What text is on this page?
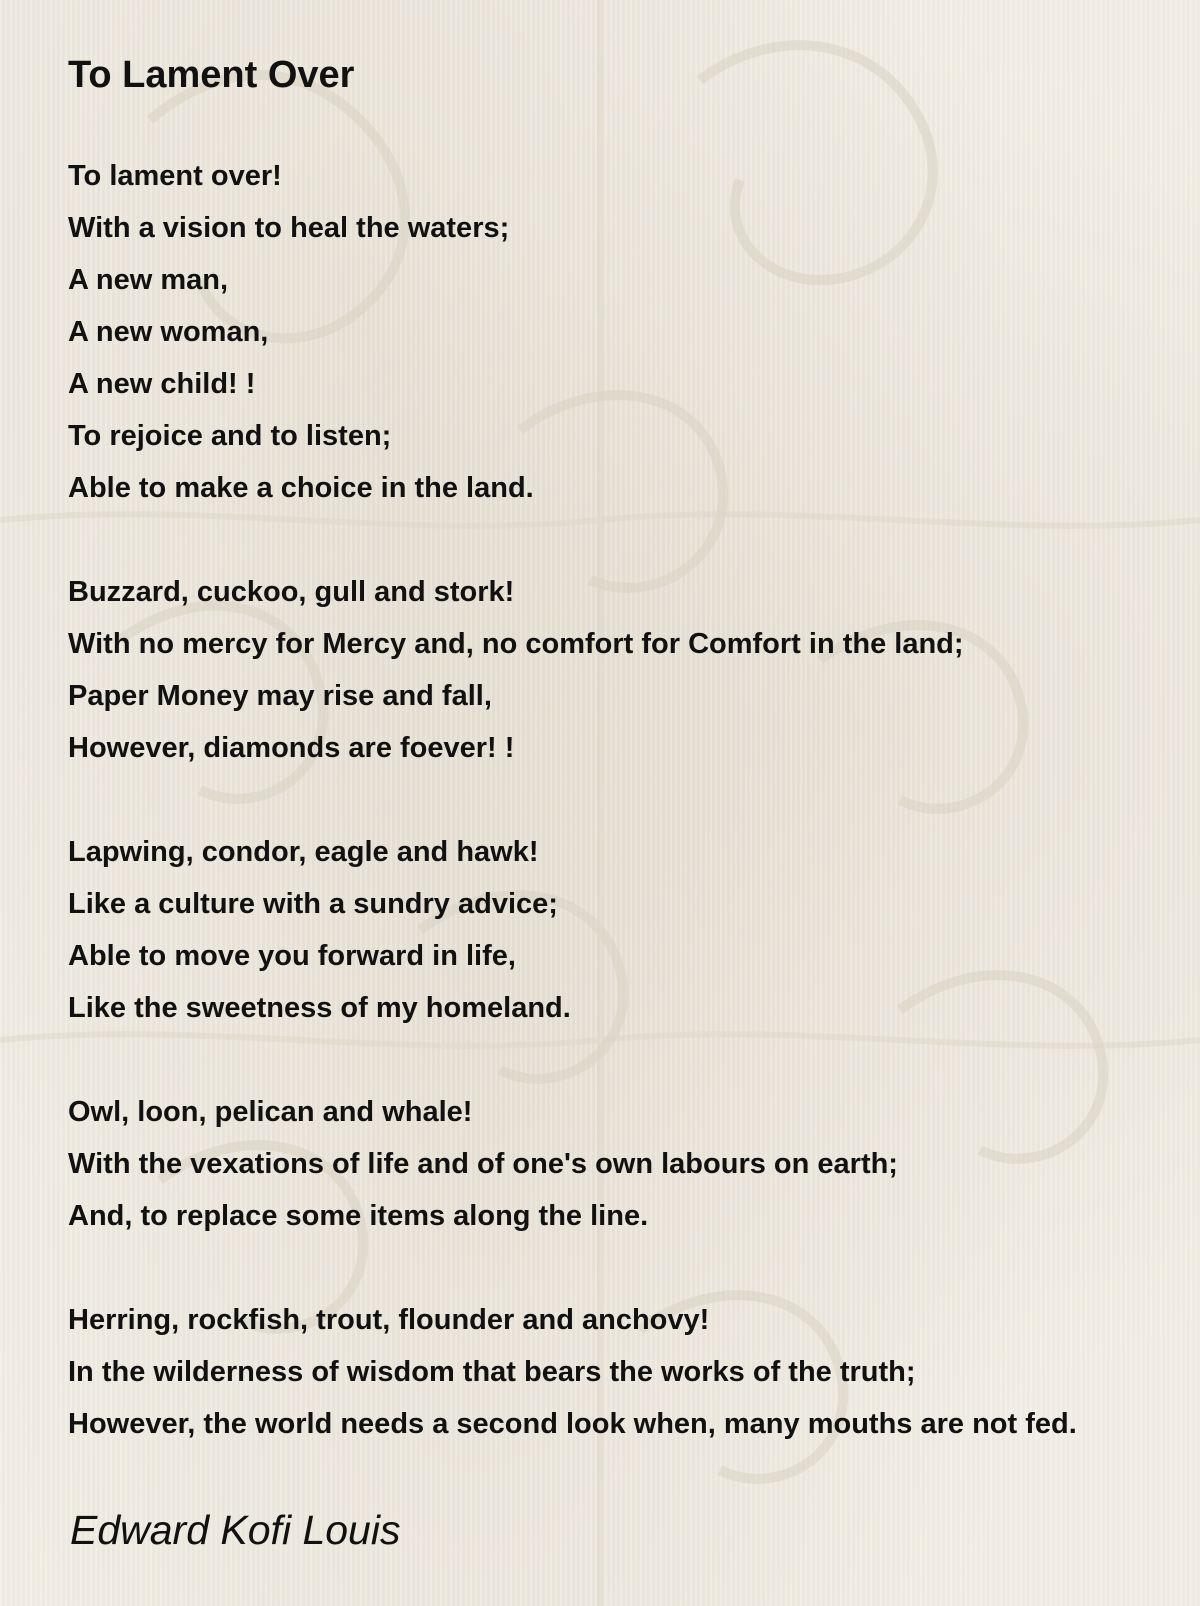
To Lament Over
To lament over!
With a vision to heal the waters;
A new man,
A new woman,
A new child! !
To rejoice and to listen;
Able to make a choice in the land.
Buzzard, cuckoo, gull and stork!
With no mercy for Mercy and, no comfort for Comfort in the land;
Paper Money may rise and fall,
However, diamonds are foever! !
Lapwing, condor, eagle and hawk!
Like a culture with a sundry advice;
Able to move you forward in life,
Like the sweetness of my homeland.
Owl, loon, pelican and whale!
With the vexations of life and of one's own labours on earth;
And, to replace some items along the line.
Herring, rockfish, trout, flounder and anchovy!
In the wilderness of wisdom that bears the works of the truth;
However, the world needs a second look when, many mouths are not fed.
Edward Kofi Louis
